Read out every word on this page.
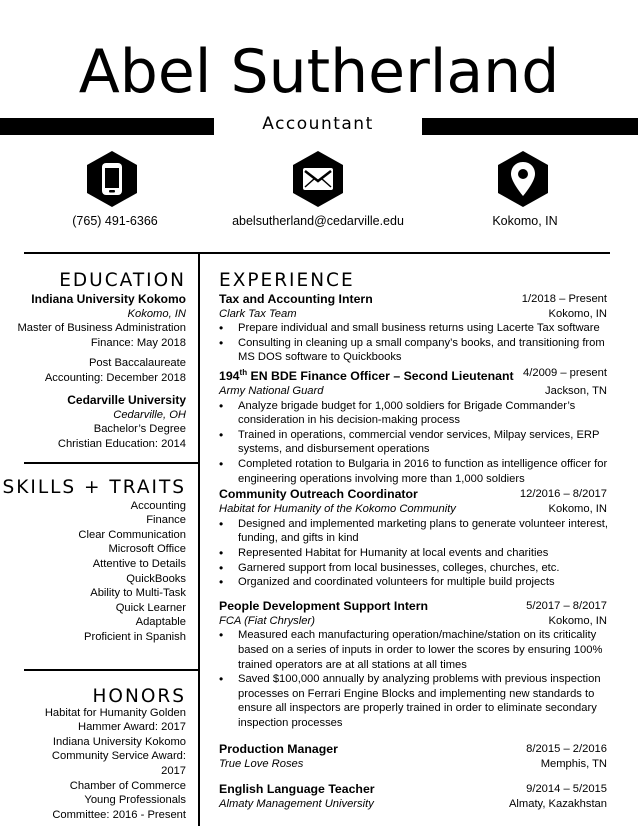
Abel Sutherland
Accountant
(765) 491-6366	abelsutherland@cedarville.edu	Kokomo, IN
EDUCATION
Indiana University Kokomo
Kokomo, IN
Master of Business Administration
Finance: May 2018
Post Baccalaureate
Accounting: December 2018
Cedarville University
Cedarville, OH
Bachelor’s Degree
Christian Education: 2014
SKILLS + TRAITS
Accounting
Finance
Clear Communication
Microsoft Office
Attentive to Details
QuickBooks
Ability to Multi-Task
Quick Learner
Adaptable
Proficient in Spanish
HONORS
Habitat for Humanity Golden
Hammer Award: 2017
Indiana University Kokomo
Community Service Award:
2017
Chamber of Commerce
Young Professionals
Committee: 2016 - Present
EXPERIENCE
Tax and Accounting Intern	1/2018 – Present
Clark Tax Team	Kokomo, IN
• Prepare individual and small business returns using Lacerte Tax software
• Consulting in cleaning up a small company’s books, and transitioning from MS DOS software to Quickbooks
194th EN BDE Finance Officer – Second Lieutenant 4/2009 – present
Army National Guard	Jackson, TN
• Analyze brigade budget for 1,000 soldiers for Brigade Commander’s consideration in his decision-making process
• Trained in operations, commercial vendor services, Milpay services, ERP systems, and disbursement operations
• Completed rotation to Bulgaria in 2016 to function as intelligence officer for engineering operations involving more than 1,000 soldiers
Community Outreach Coordinator	12/2016 – 8/2017
Habitat for Humanity of the Kokomo Community	Kokomo, IN
• Designed and implemented marketing plans to generate volunteer interest, funding, and gifts in kind
• Represented Habitat for Humanity at local events and charities
• Garnered support from local businesses, colleges, churches, etc.
• Organized and coordinated volunteers for multiple build projects
People Development Support Intern	5/2017 – 8/2017
FCA (Fiat Chrysler)	Kokomo, IN
• Measured each manufacturing operation/machine/station on its criticality based on a series of inputs in order to lower the scores by ensuring 100% trained operators are at all stations at all times
• Saved $100,000 annually by analyzing problems with previous inspection processes on Ferrari Engine Blocks and implementing new standards to ensure all inspectors are properly trained in order to eliminate secondary inspection processes
Production Manager	8/2015 – 2/2016
True Love Roses	Memphis, TN
English Language Teacher	9/2014 – 5/2015
Almaty Management University	Almaty, Kazakhstan
